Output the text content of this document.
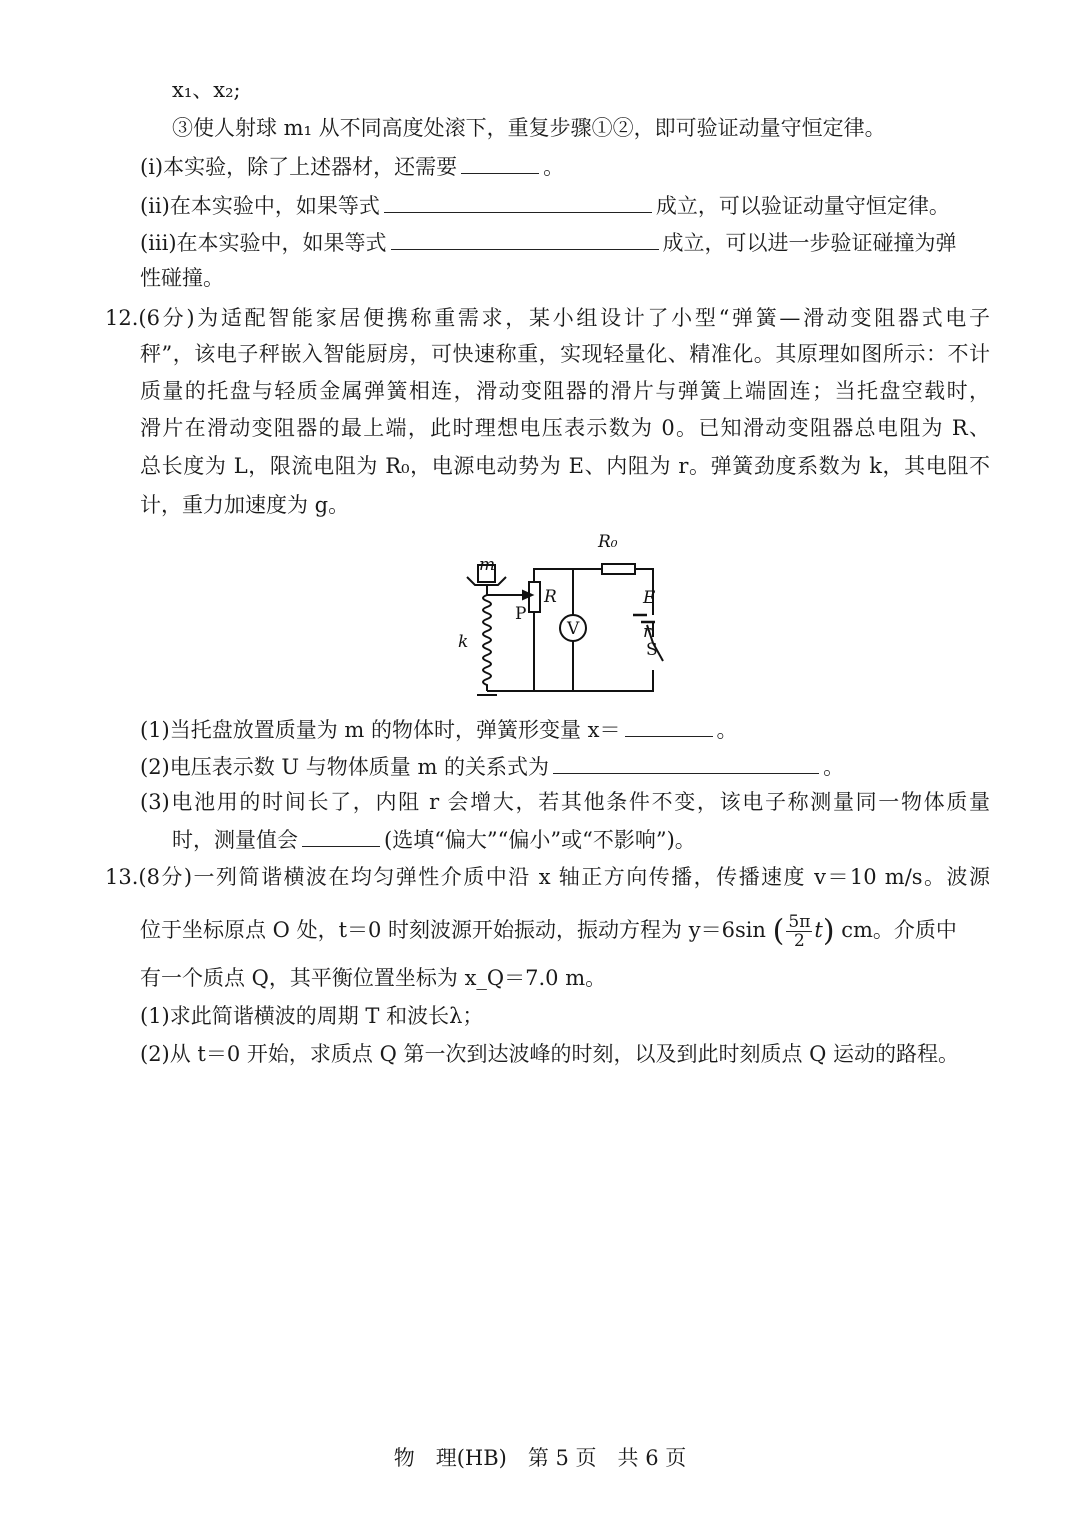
x₁、x₂;
③使人射球 m₁ 从不同高度处滚下，重复步骤①②，即可验证动量守恒定律。
(ⅰ)本实验，除了上述器材，还需要	。
(ⅱ)在本实验中，如果等式	成立，可以验证动量守恒定律。
(ⅲ)在本实验中，如果等式	成立，可以进一步验证碰撞为弹
性碰撞。
12.(6分)为适配智能家居便携称重需求，某小组设计了小型“弹簧—滑动变阻器式电子
秤”，该电子秤嵌入智能厨房，可快速称重，实现轻量化、精准化。其原理如图所示：不计
质量的托盘与轻质金属弹簧相连，滑动变阻器的滑片与弹簧上端固连；当托盘空载时，
滑片在滑动变阻器的最上端，此时理想电压表示数为 0。已知滑动变阻器总电阻为 R、
总长度为 L，限流电阻为 R₀，电源电动势为 E、内阻为 r。弹簧劲度系数为 k，其电阻不
计，重力加速度为 g。
m
k
R
P
R₀
E
r
S
V
(1)当托盘放置质量为 m 的物体时，弹簧形变量 x＝	。
(2)电压表示数 U 与物体质量 m 的关系式为	。
(3)电池用的时间长了，内阻 r 会增大，若其他条件不变，该电子称测量同一物体质量
时，测量值会	(选填“偏大”“偏小”或“不影响”)。
13.(8分)一列简谐横波在均匀弹性介质中沿 x 轴正方向传播，传播速度 v＝10 m/s。波源
位于坐标原点 O 处，t＝0 时刻波源开始振动，振动方程为 y＝6sin ( $\frac{5\pi}{2} t$) cm。介质中
有一个质点 Q，其平衡位置坐标为 x_Q＝7.0 m。
(1)求此简谐横波的周期 T 和波长λ；
(2)从 t＝0 开始，求质点 Q 第一次到达波峰的时刻，以及到此时刻质点 Q 运动的路程。
物　理(HB)　第 5 页　共 6 页
